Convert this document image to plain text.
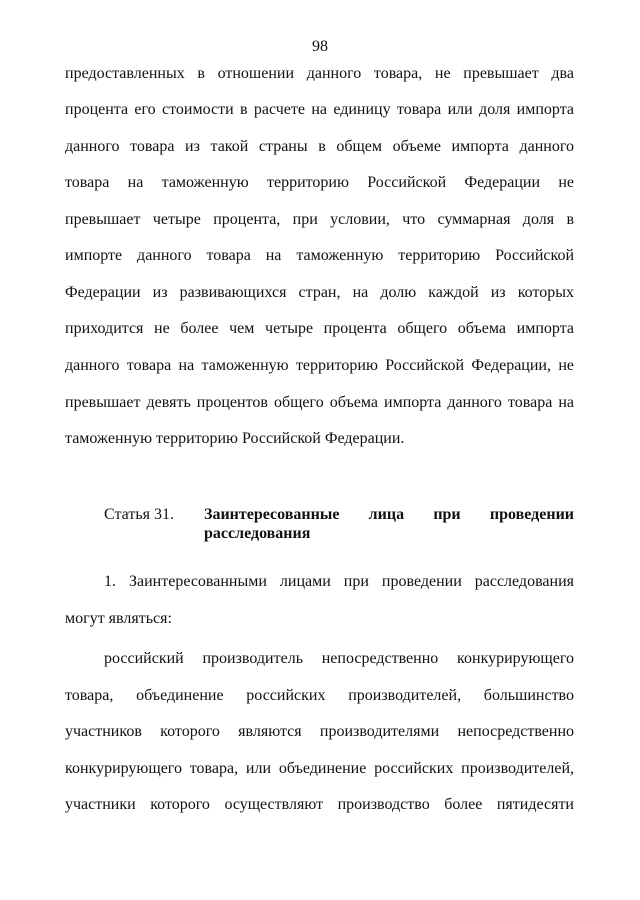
98
предоставленных в отношении данного товара, не превышает два
процента его стоимости в расчете на единицу товара или доля импорта
данного товара из такой страны в общем объеме импорта данного
товара на таможенную территорию Российской Федерации не
превышает четыре процента, при условии, что суммарная доля в
импорте данного товара на таможенную территорию Российской
Федерации из развивающихся стран, на долю каждой из которых
приходится не более чем четыре процента общего объема импорта
данного товара на таможенную территорию Российской Федерации, не
превышает девять процентов общего объема импорта данного товара на
таможенную территорию Российской Федерации.
Статья 31. Заинтересованные лица при проведении
расследования
1. Заинтересованными лицами при проведении расследования
могут являться:
российский производитель непосредственно конкурирующего
товара, объединение российских производителей, большинство
участников которого являются производителями непосредственно
конкурирующего товара, или объединение российских производителей,
участники которого осуществляют производство более пятидесяти
